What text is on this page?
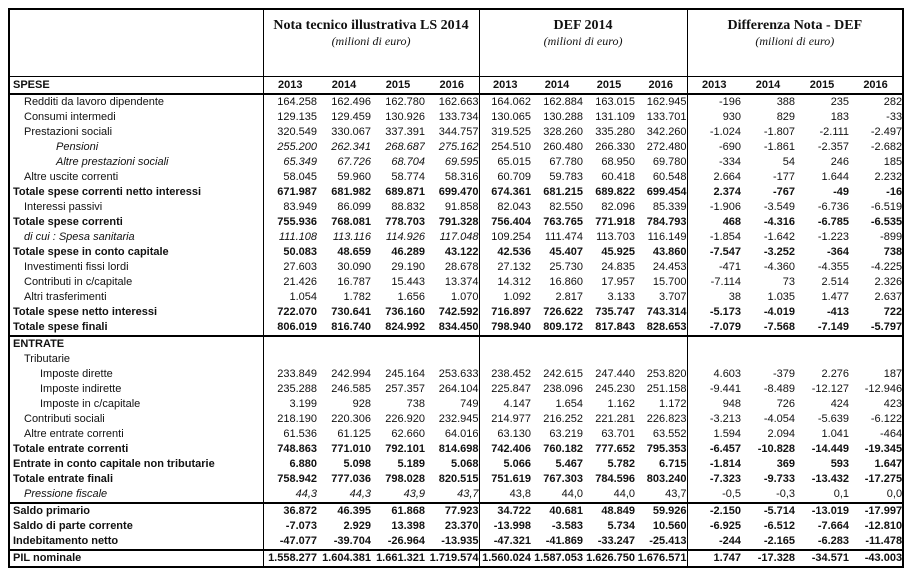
Nota tecnico illustrativa LS 2014
(milioni di euro)

DEF 2014
(milioni di euro)

Differenza Nota - DEF
(milioni di euro)

SPESE	2013	2014	2015	2016	2013	2014	2015	2016	2013	2014	2015	2016
Redditi da lavoro dipendente	164.258	162.496	162.780	162.663	164.062	162.884	163.015	162.945	-196	388	235	282
Consumi intermedi	129.135	129.459	130.926	133.734	130.065	130.288	131.109	133.701	930	829	183	-33
Prestazioni sociali	320.549	330.067	337.391	344.757	319.525	328.260	335.280	342.260	-1.024	-1.807	-2.111	-2.497
Pensioni	255.200	262.341	268.687	275.162	254.510	260.480	266.330	272.480	-690	-1.861	-2.357	-2.682
Altre prestazioni sociali	65.349	67.726	68.704	69.595	65.015	67.780	68.950	69.780	-334	54	246	185
Altre uscite correnti	58.045	59.960	58.774	58.316	60.709	59.783	60.418	60.548	2.664	-177	1.644	2.232
Totale spese correnti netto interessi	671.987	681.982	689.871	699.470	674.361	681.215	689.822	699.454	2.374	-767	-49	-16
Interessi passivi	83.949	86.099	88.832	91.858	82.043	82.550	82.096	85.339	-1.906	-3.549	-6.736	-6.519
Totale spese correnti	755.936	768.081	778.703	791.328	756.404	763.765	771.918	784.793	468	-4.316	-6.785	-6.535
di cui : Spesa sanitaria	111.108	113.116	114.926	117.048	109.254	111.474	113.703	116.149	-1.854	-1.642	-1.223	-899
Totale spese in conto capitale	50.083	48.659	46.289	43.122	42.536	45.407	45.925	43.860	-7.547	-3.252	-364	738
Investimenti fissi lordi	27.603	30.090	29.190	28.678	27.132	25.730	24.835	24.453	-471	-4.360	-4.355	-4.225
Contributi in c/capitale	21.426	16.787	15.443	13.374	14.312	16.860	17.957	15.700	-7.114	73	2.514	2.326
Altri trasferimenti	1.054	1.782	1.656	1.070	1.092	2.817	3.133	3.707	38	1.035	1.477	2.637
Totale spese netto interessi	722.070	730.641	736.160	742.592	716.897	726.622	735.747	743.314	-5.173	-4.019	-413	722
Totale spese finali	806.019	816.740	824.992	834.450	798.940	809.172	817.843	828.653	-7.079	-7.568	-7.149	-5.797
ENTRATE												
Tributarie												
Imposte dirette	233.849	242.994	245.164	253.633	238.452	242.615	247.440	253.820	4.603	-379	2.276	187
Imposte indirette	235.288	246.585	257.357	264.104	225.847	238.096	245.230	251.158	-9.441	-8.489	-12.127	-12.946
Imposte in c/capitale	3.199	928	738	749	4.147	1.654	1.162	1.172	948	726	424	423
Contributi sociali	218.190	220.306	226.920	232.945	214.977	216.252	221.281	226.823	-3.213	-4.054	-5.639	-6.122
Altre entrate correnti	61.536	61.125	62.660	64.016	63.130	63.219	63.701	63.552	1.594	2.094	1.041	-464
Totale entrate correnti	748.863	771.010	792.101	814.698	742.406	760.182	777.652	795.353	-6.457	-10.828	-14.449	-19.345
Entrate in conto capitale non tributarie	6.880	5.098	5.189	5.068	5.066	5.467	5.782	6.715	-1.814	369	593	1.647
Totale entrate finali	758.942	777.036	798.028	820.515	751.619	767.303	784.596	803.240	-7.323	-9.733	-13.432	-17.275
Pressione fiscale	44,3	44,3	43,9	43,7	43,8	44,0	44,0	43,7	-0,5	-0,3	0,1	0,0
Saldo primario	36.872	46.395	61.868	77.923	34.722	40.681	48.849	59.926	-2.150	-5.714	-13.019	-17.997
Saldo di parte corrente	-7.073	2.929	13.398	23.370	-13.998	-3.583	5.734	10.560	-6.925	-6.512	-7.664	-12.810
Indebitamento netto	-47.077	-39.704	-26.964	-13.935	-47.321	-41.869	-33.247	-25.413	-244	-2.165	-6.283	-11.478
PIL nominale	1.558.277	1.604.381	1.661.321	1.719.574	1.560.024	1.587.053	1.626.750	1.676.571	1.747	-17.328	-34.571	-43.003
